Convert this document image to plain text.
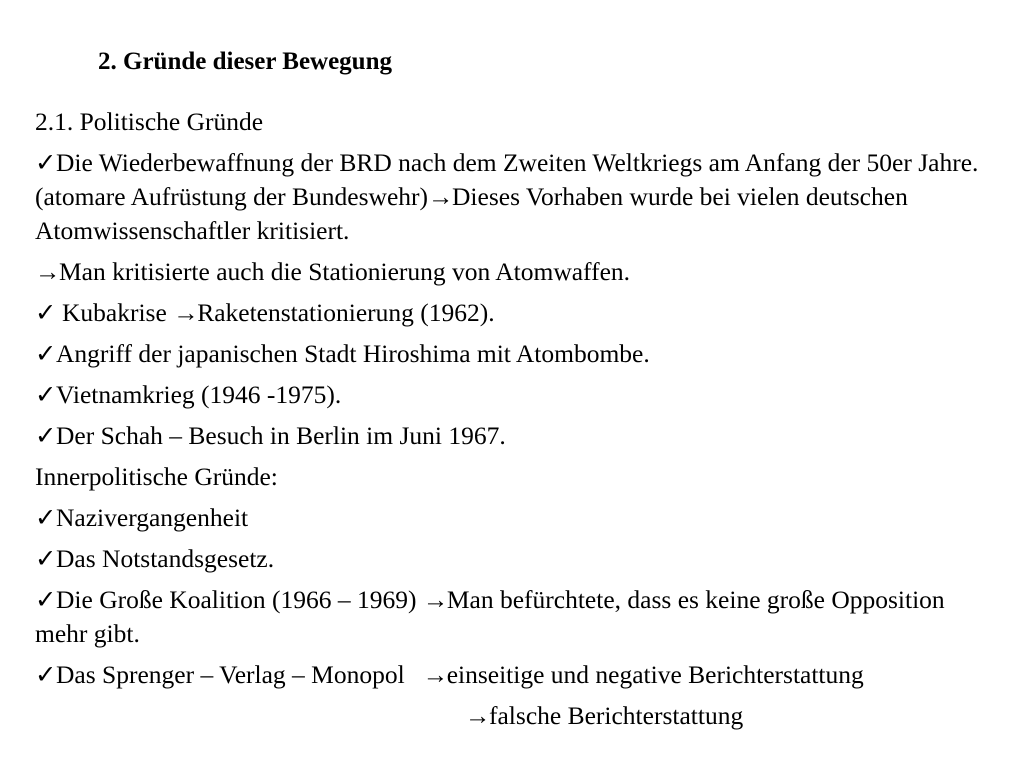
2. Gründe dieser Bewegung

2.1. Politische Gründe

✓Die Wiederbewaffnung der BRD nach dem Zweiten Weltkriegs am Anfang der 50er Jahre. (atomare Aufrüstung der Bundeswehr)→Dieses Vorhaben wurde bei vielen deutschen Atomwissenschaftler kritisiert.

→Man kritisierte auch die Stationierung von Atomwaffen.

✓ Kubakrise →Raketenstationierung (1962).

✓Angriff der japanischen Stadt Hiroshima mit Atombombe.

✓Vietnamkrieg (1946 -1975).

✓Der Schah – Besuch in Berlin im Juni 1967.

Innerpolitische Gründe:

✓Nazivergangenheit

✓Das Notstandsgesetz.

✓Die Große Koalition (1966 – 1969) →Man befürchtete, dass es keine große Opposition mehr gibt.

✓Das Sprenger – Verlag – Monopol →einseitige und negative Berichterstattung

→falsche Berichterstattung
